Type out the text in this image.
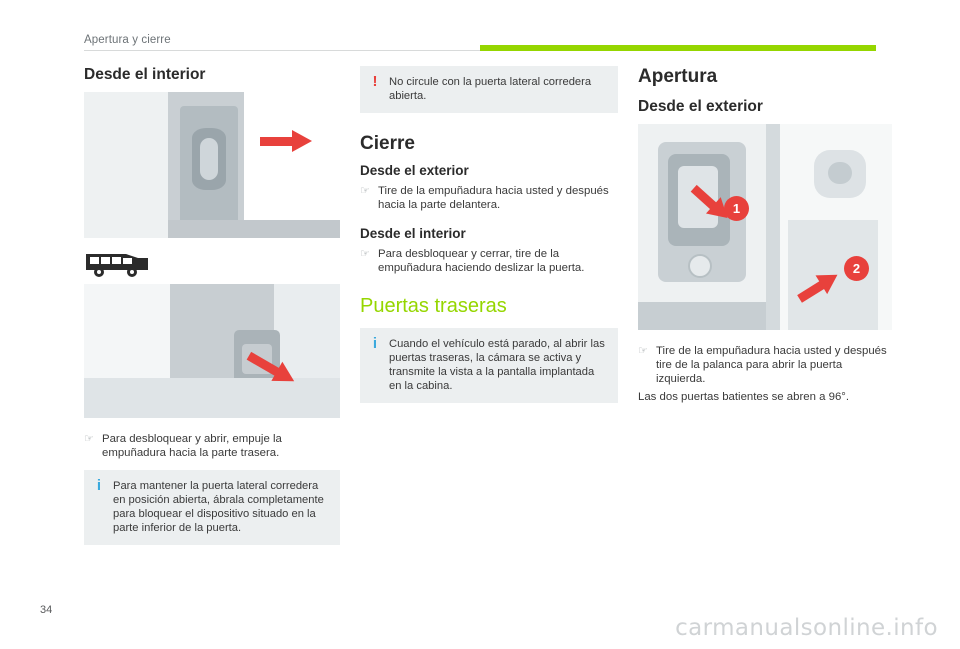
Apertura y cierre
Desde el interior
☞ Para desbloquear y abrir, empuje la empuñadura hacia la parte trasera.
i	Para mantener la puerta lateral corredera en posición abierta, ábrala completamente para bloquear el dispositivo situado en la parte inferior de la puerta.
!	No circule con la puerta lateral corredera abierta.
Cierre
Desde el exterior
☞ Tire de la empuñadura hacia usted y después hacia la parte delantera.
Desde el interior
☞ Para desbloquear y cerrar, tire de la empuñadura haciendo deslizar la puerta.
Puertas traseras
i	Cuando el vehículo está parado, al abrir las puertas traseras, la cámara se activa y transmite la vista a la pantalla implantada en la cabina.
Apertura
Desde el exterior
1
2
☞ Tire de la empuñadura hacia usted y después tire de la palanca para abrir la puerta izquierda.

Las dos puertas batientes se abren a 96°.

34
carmanualsonline.info
